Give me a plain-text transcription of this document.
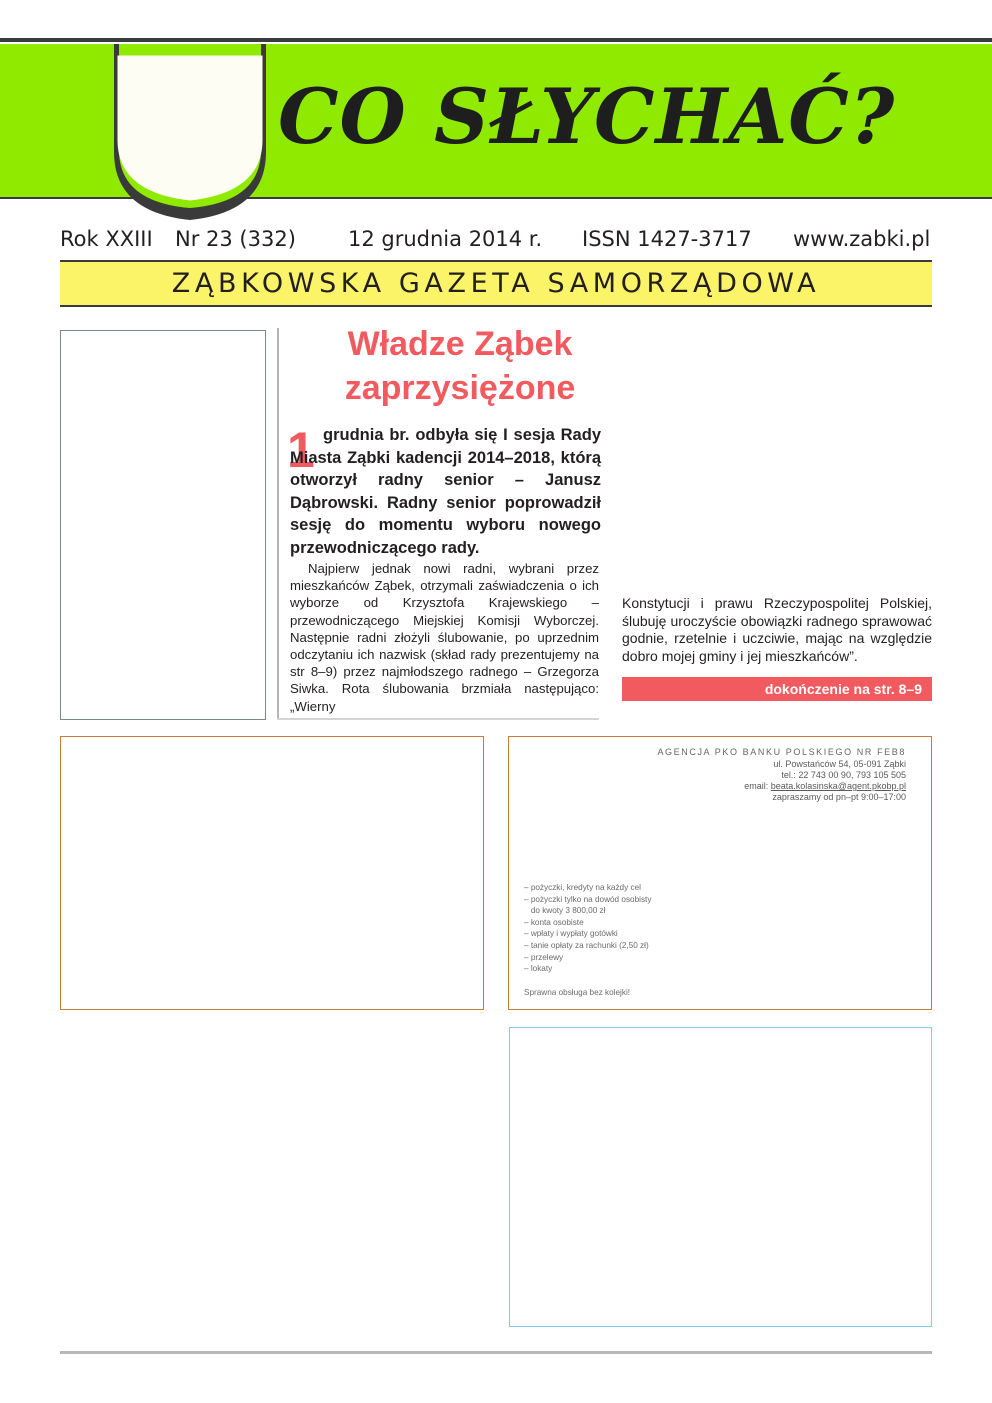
CO SŁYCHAĆ?
Rok XXIII Nr 23 (332) 12 grudnia 2014 r. ISSN 1427-3717 www.zabki.pl
ZĄBKOWSKA GAZETA SAMORZĄDOWA
Władze Ząbek zaprzysiężone
1 grudnia br. odbyła się I sesja Rady Miasta Ząbki kadencji 2014–2018, którą otworzył radny senior – Janusz Dąbrowski. Radny senior poprowadził sesję do momentu wyboru nowego przewodniczącego rady.
Najpierw jednak nowi radni, wybrani przez mieszkańców Ząbek, otrzymali zaświadczenia o ich wyborze od Krzysztofa Krajewskiego – przewodniczącego Miejskiej Komisji Wyborczej. Następnie radni złożyli ślubowanie, po uprzednim odczytaniu ich nazwisk (skład rady prezentujemy na str 8–9) przez najmłodszego radnego – Grzegorza Siwka. Rota ślubowania brzmiała następująco: „Wierny
Konstytucji i prawu Rzeczypospolitej Polskiej, ślubuję uroczyście obowiązki radnego sprawować godnie, rzetelnie i uczciwie, mając na względzie dobro mojej gminy i jej mieszkańców”.
dokończenie na str. 8–9
AGENCJA PKO BANKU POLSKIEGO NR FEB8
ul. Powstańców 54, 05-091 Ząbki
tel.: 22 743 00 90, 793 105 505
email: beata.kolasinska@agent.pkobp.pl
zapraszamy od pn–pt 9:00–17:00
– pożyczki, kredyty na każdy cel
– pożyczki tylko na dowód osobisty
do kwoty 3 800,00 zł
– konta osobiste
– wpłaty i wypłaty gotówki
– tanie opłaty za rachunki (2,50 zł)
– przelewy
– lokaty
Sprawna obsługa bez kolejki!
